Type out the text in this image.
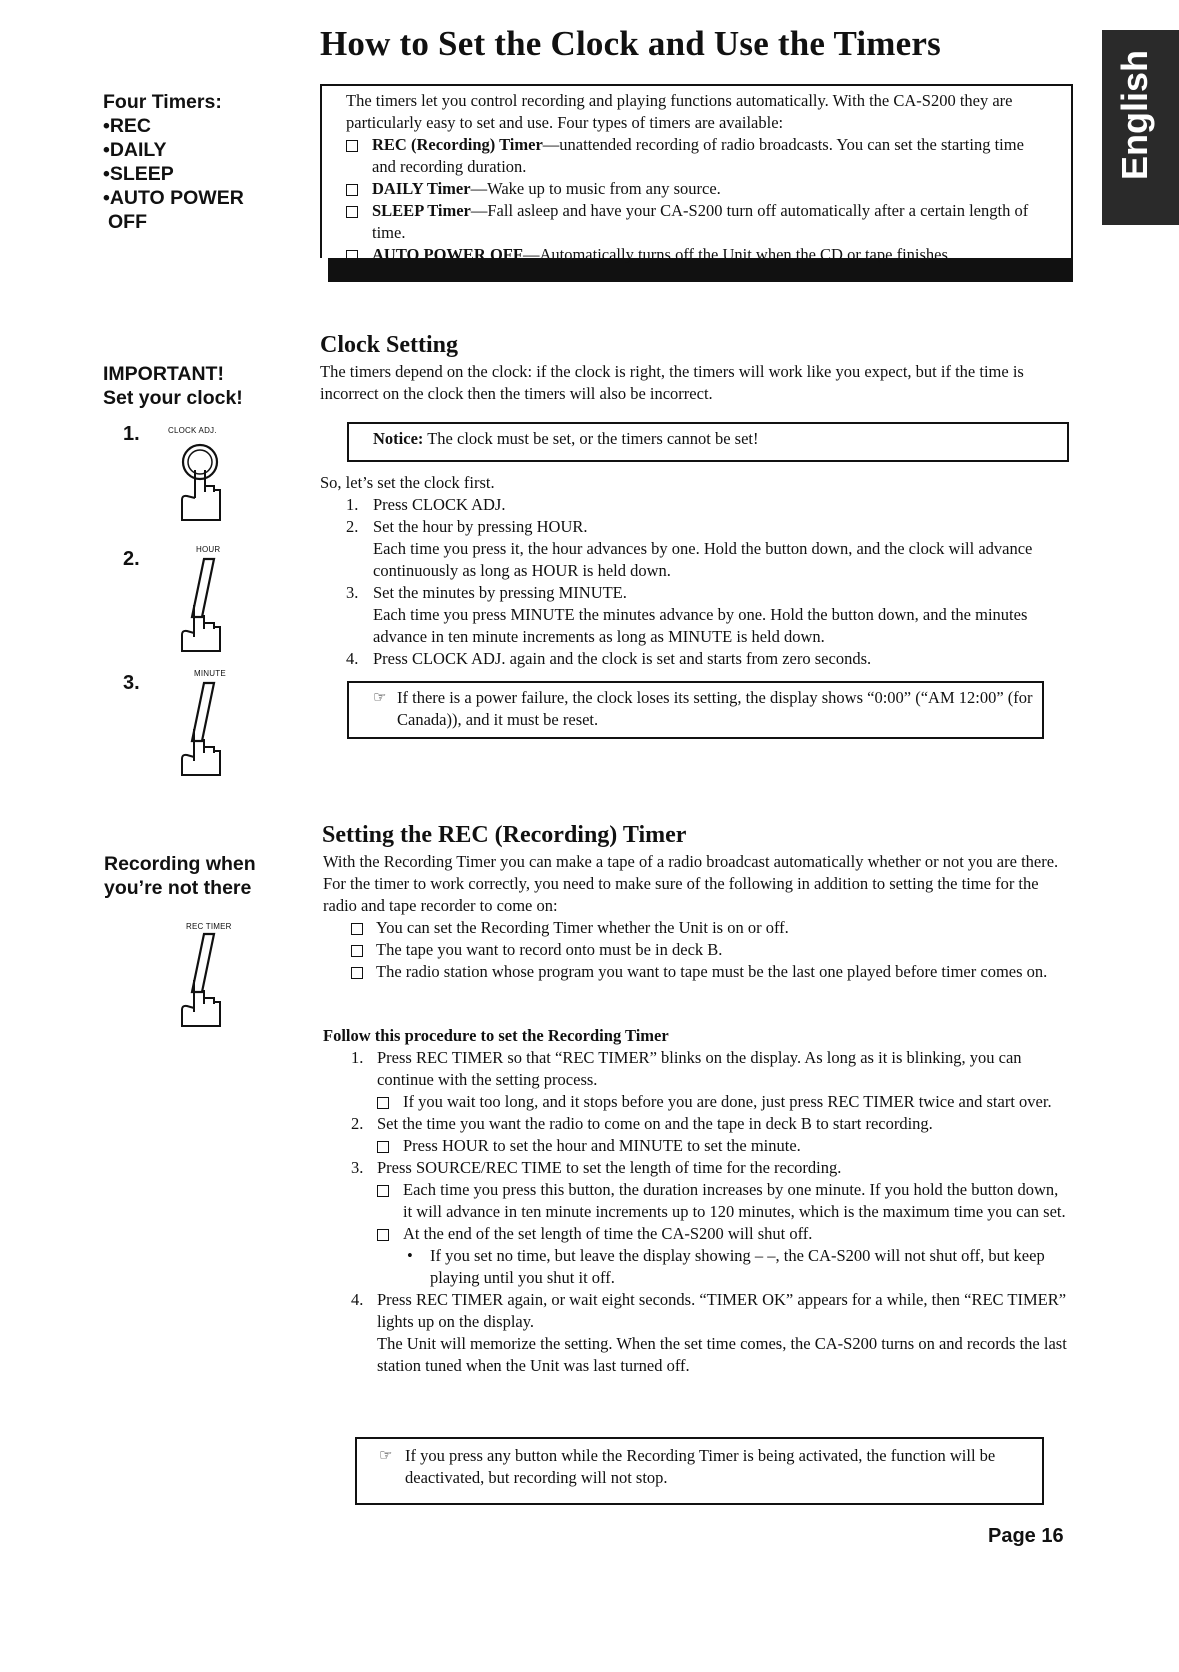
English
How to Set the Clock and Use the Timers
Four Timers:
•REC
•DAILY
•SLEEP
•AUTO POWER
OFF

The timers let you control recording and playing functions automatically. With the CA-S200 they are particularly easy to set and use. Four types of timers are available:

REC (Recording) Timer—unattended recording of radio broadcasts. You can set the starting time and recording duration.
DAILY Timer—Wake up to music from any source.
SLEEP Timer—Fall asleep and have your CA-S200 turn off automatically after a certain length of time.
AUTO POWER OFF—Automatically turns off the Unit when the CD or tape finishes.
IMPORTANT!
Set your clock!
1.	CLOCK ADJ.
2.	HOUR
3.	MINUTE
Clock Setting

The timers depend on the clock: if the clock is right, the timers will work like you expect, but if the time is incorrect on the clock then the timers will also be incorrect.

Notice: The clock must be set, or the timers cannot be set!

So, let’s set the clock first.

1. Press CLOCK ADJ.
2. Set the hour by pressing HOUR.
Each time you press it, the hour advances by one. Hold the button down, and the clock will advance continuously as long as HOUR is held down.
3. Set the minutes by pressing MINUTE.
Each time you press MINUTE the minutes advance by one. Hold the button down, and the minutes advance in ten minute increments as long as MINUTE is held down.
4. Press CLOCK ADJ. again and the clock is set and starts from zero seconds.
☞ If there is a power failure, the clock loses its setting, the display shows “0:00” (“AM 12:00” (for Canada)), and it must be reset.
Recording when
you’re not there
REC TIMER
Setting the REC (Recording) Timer

With the Recording Timer you can make a tape of a radio broadcast automatically whether or not you are there. For the timer to work correctly, you need to make sure of the following in addition to setting the time for the radio and tape recorder to come on:

You can set the Recording Timer whether the Unit is on or off.
The tape you want to record onto must be in deck B.
The radio station whose program you want to tape must be the last one played before timer comes on.
Follow this procedure to set the Recording Timer
1. Press REC TIMER so that “REC TIMER” blinks on the display. As long as it is blinking, you can continue with the setting process.
If you wait too long, and it stops before you are done, just press REC TIMER twice and start over.
2. Set the time you want the radio to come on and the tape in deck B to start recording.
Press HOUR to set the hour and MINUTE to set the minute.
3. Press SOURCE/REC TIME to set the length of time for the recording.
Each time you press this button, the duration increases by one minute. If you hold the button down, it will advance in ten minute increments up to 120 minutes, which is the maximum time you can set.
At the end of the set length of time the CA-S200 will shut off.
• If you set no time, but leave the display showing – –, the CA-S200 will not shut off, but keep playing until you shut it off.
4. Press REC TIMER again, or wait eight seconds. “TIMER OK” appears for a while, then “REC TIMER” lights up on the display.
The Unit will memorize the setting. When the set time comes, the CA-S200 turns on and records the last station tuned when the Unit was last turned off.
☞ If you press any button while the Recording Timer is being activated, the function will be deactivated, but recording will not stop.
Page 16
